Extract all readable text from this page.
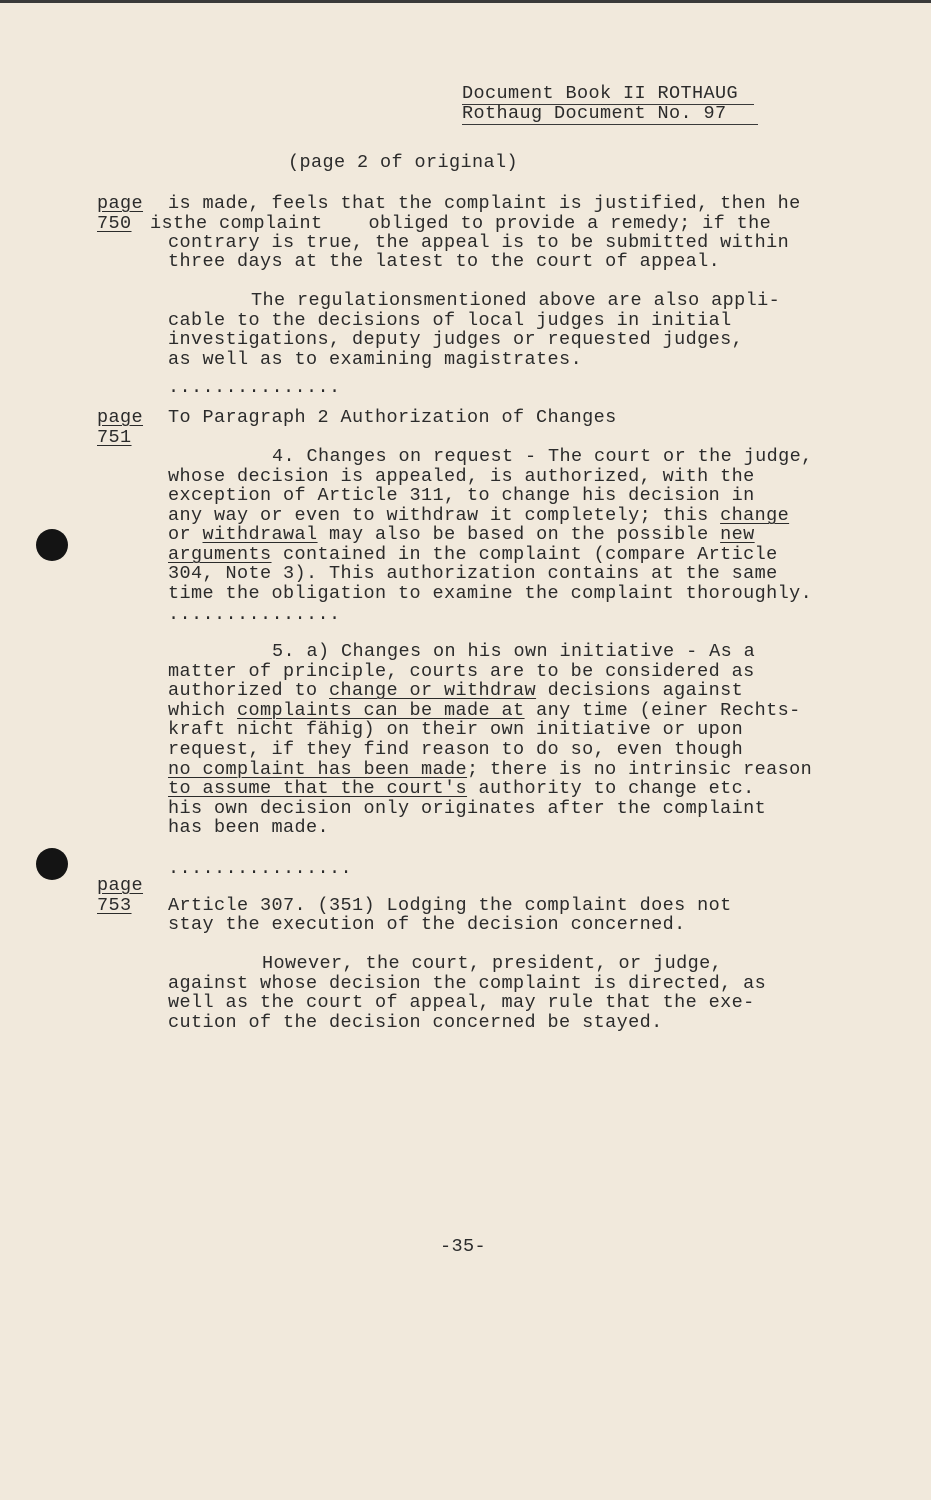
Document Book II ROTHAUG
Rothaug Document No. 97
(page 2 of original)
page
750
page
751
page
753
is made, feels that the complaint is justified, then he
isthe complaint    obliged to provide a remedy; if the
contrary is true, the appeal is to be submitted within
three days at the latest to the court of appeal.
The regulationsmentioned above are also appli-
cable to the decisions of local judges in initial
investigations, deputy judges or requested judges,
as well as to examining magistrates.
...............
To Paragraph 2 Authorization of Changes
4. Changes on request - The court or the judge,
whose decision is appealed, is authorized, with the
exception of Article 311, to change his decision in
any way or even to withdraw it completely; this change
or withdrawal may also be based on the possible new
arguments contained in the complaint (compare Article
304, Note 3). This authorization contains at the same
time the obligation to examine the complaint thoroughly.
...............
5. a) Changes on his own initiative - As a
matter of principle, courts are to be considered as
authorized to change or withdraw decisions against
which complaints can be made at any time (einer Rechts-
kraft nicht fähig) on their own initiative or upon
request, if they find reason to do so, even though
no complaint has been made; there is no intrinsic reason
to assume that the court's authority to change etc.
his own decision only originates after the complaint
has been made.
................
Article 307. (351) Lodging the complaint does not
stay the execution of the decision concerned.
However, the court, president, or judge,
against whose decision the complaint is directed, as
well as the court of appeal, may rule that the exe-
cution of the decision concerned be stayed.
-35-
